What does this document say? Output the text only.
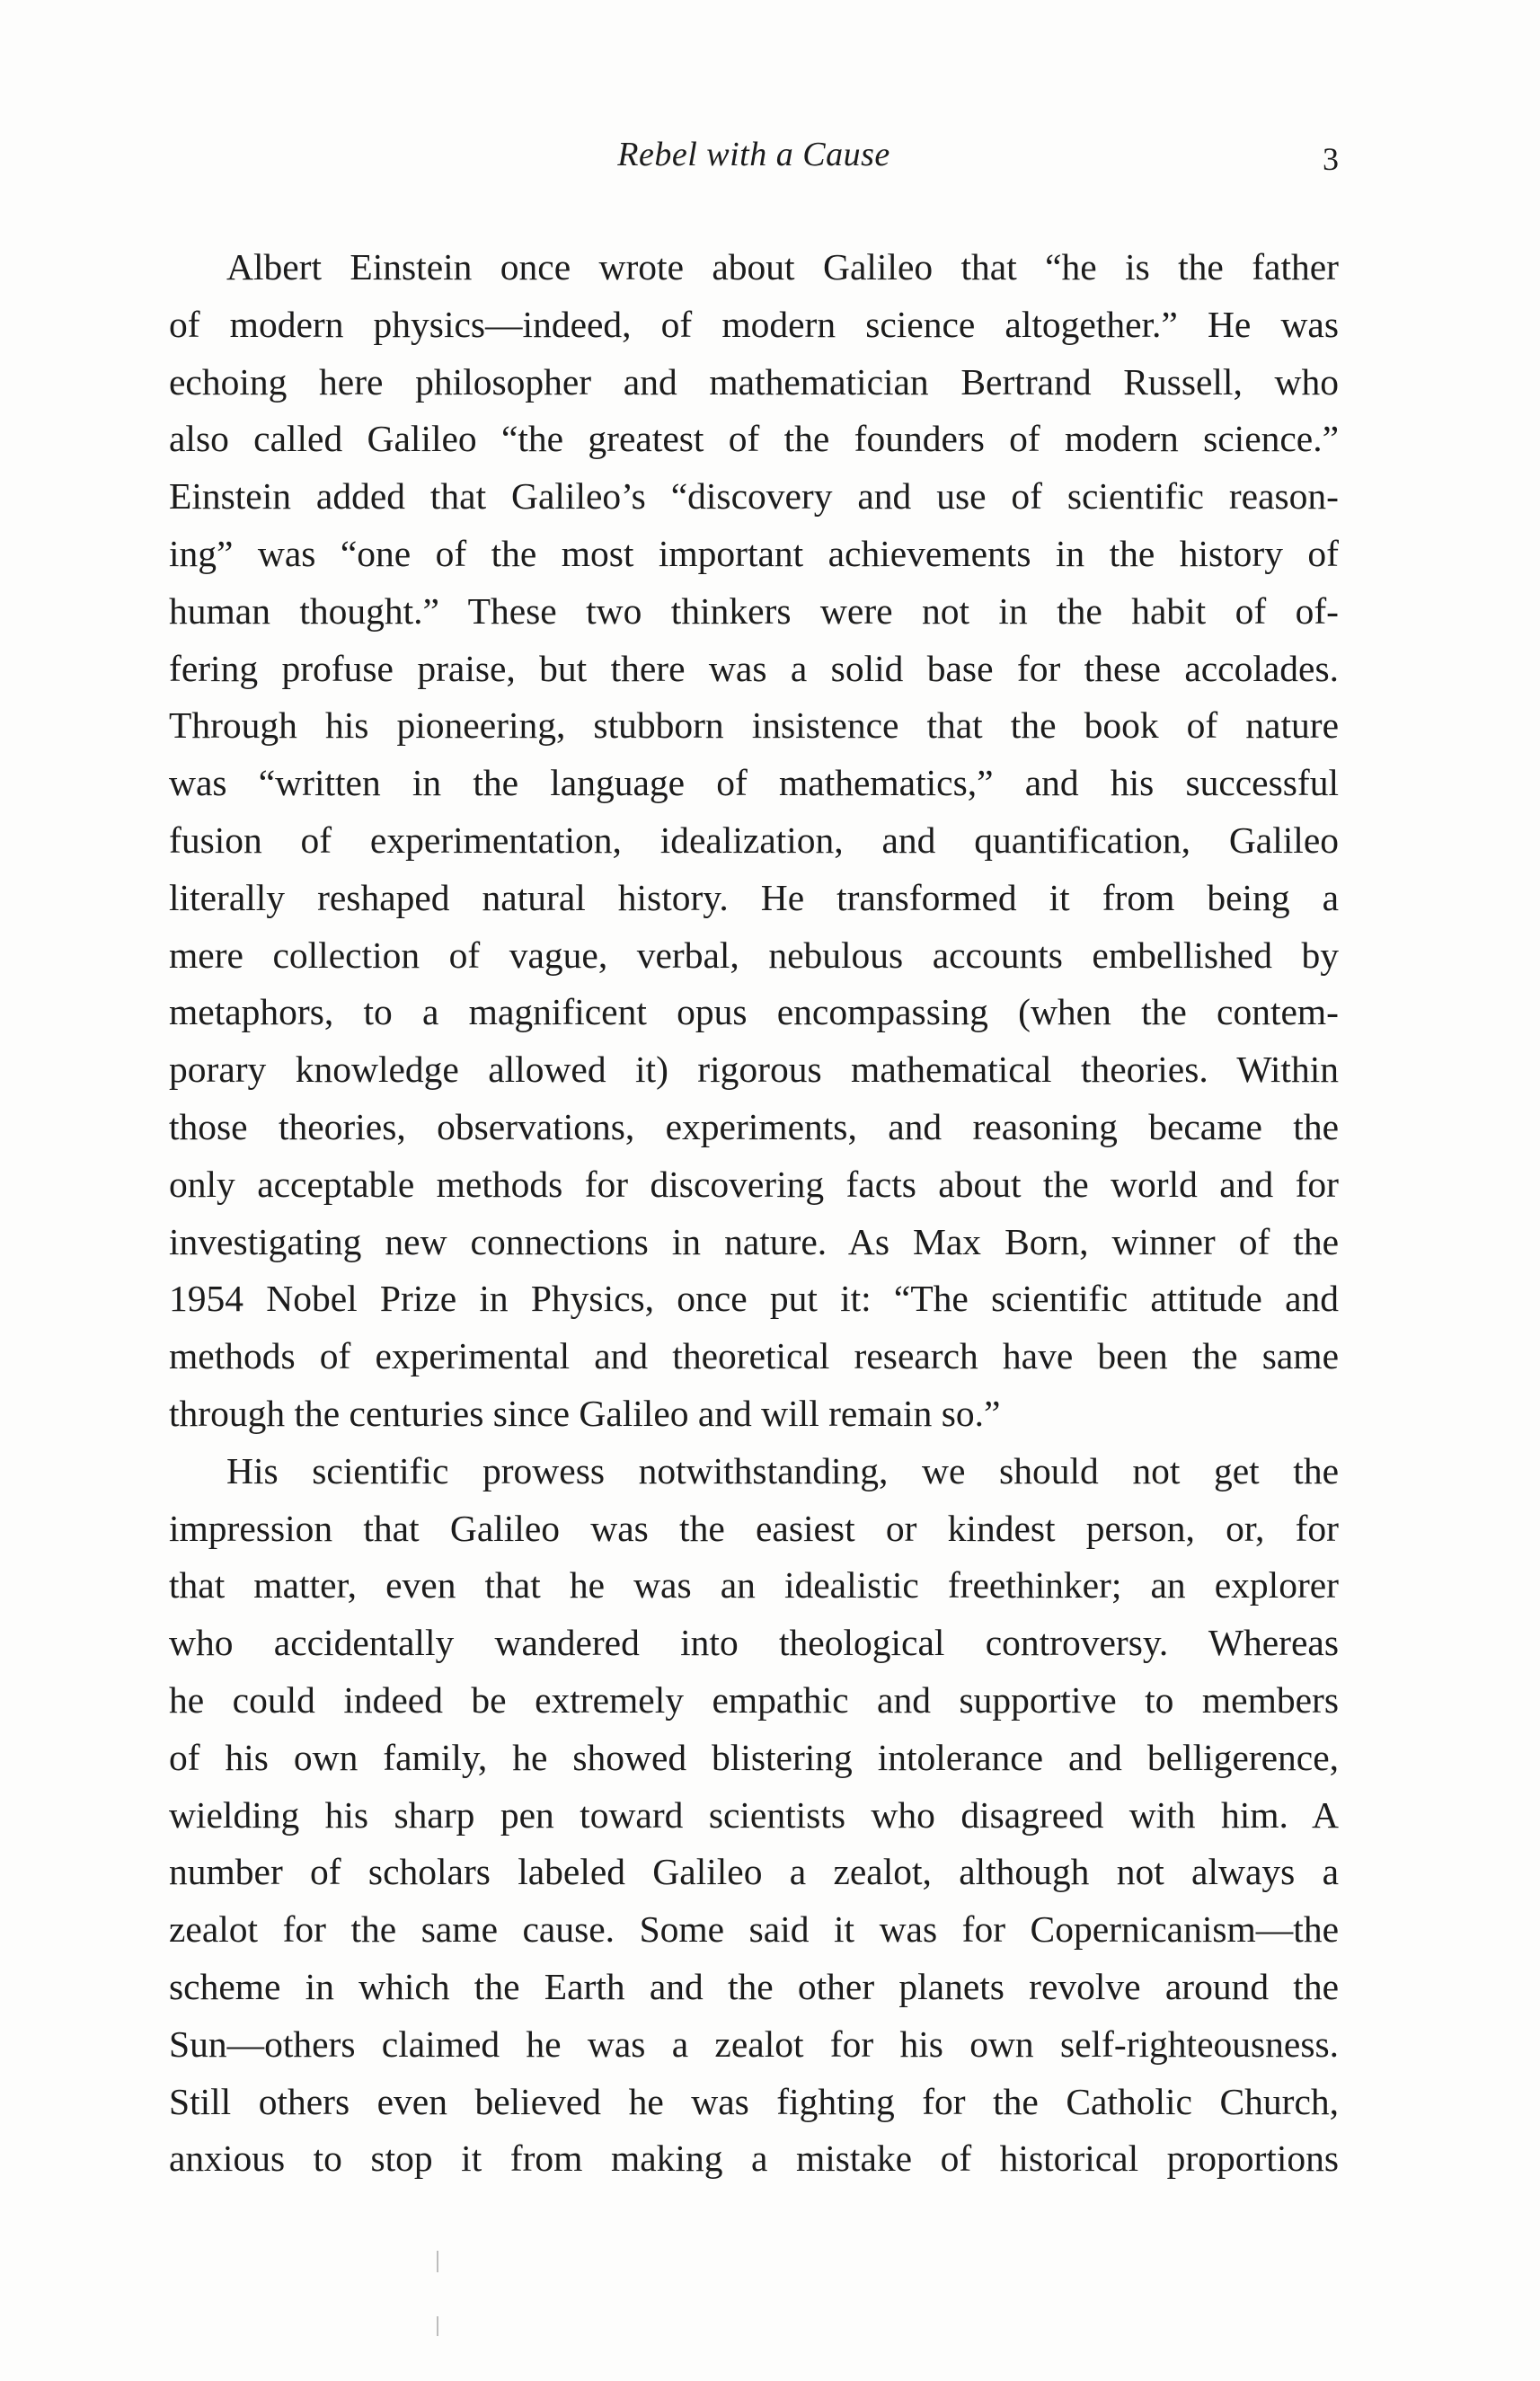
Rebel with a Cause	3
Albert Einstein once wrote about Galileo that “he is the father
of modern physics—indeed, of modern science altogether.” He was
echoing here philosopher and mathematician Bertrand Russell, who
also called Galileo “the greatest of the founders of modern science.”
Einstein added that Galileo’s “discovery and use of scientific reason-
ing” was “one of the most important achievements in the history of
human thought.” These two thinkers were not in the habit of of-
fering profuse praise, but there was a solid base for these accolades.
Through his pioneering, stubborn insistence that the book of nature
was “written in the language of mathematics,” and his successful
fusion of experimentation, idealization, and quantification, Galileo
literally reshaped natural history. He transformed it from being a
mere collection of vague, verbal, nebulous accounts embellished by
metaphors, to a magnificent opus encompassing (when the contem-
porary knowledge allowed it) rigorous mathematical theories. Within
those theories, observations, experiments, and reasoning became the
only acceptable methods for discovering facts about the world and for
investigating new connections in nature. As Max Born, winner of the
1954 Nobel Prize in Physics, once put it: “The scientific attitude and
methods of experimental and theoretical research have been the same
through the centuries since Galileo and will remain so.”
His scientific prowess notwithstanding, we should not get the
impression that Galileo was the easiest or kindest person, or, for
that matter, even that he was an idealistic freethinker; an explorer
who accidentally wandered into theological controversy. Whereas
he could indeed be extremely empathic and supportive to members
of his own family, he showed blistering intolerance and belligerence,
wielding his sharp pen toward scientists who disagreed with him. A
number of scholars labeled Galileo a zealot, although not always a
zealot for the same cause. Some said it was for Copernicanism—the
scheme in which the Earth and the other planets revolve around the
Sun—others claimed he was a zealot for his own self-righteousness.
Still others even believed he was fighting for the Catholic Church,
anxious to stop it from making a mistake of historical proportions
